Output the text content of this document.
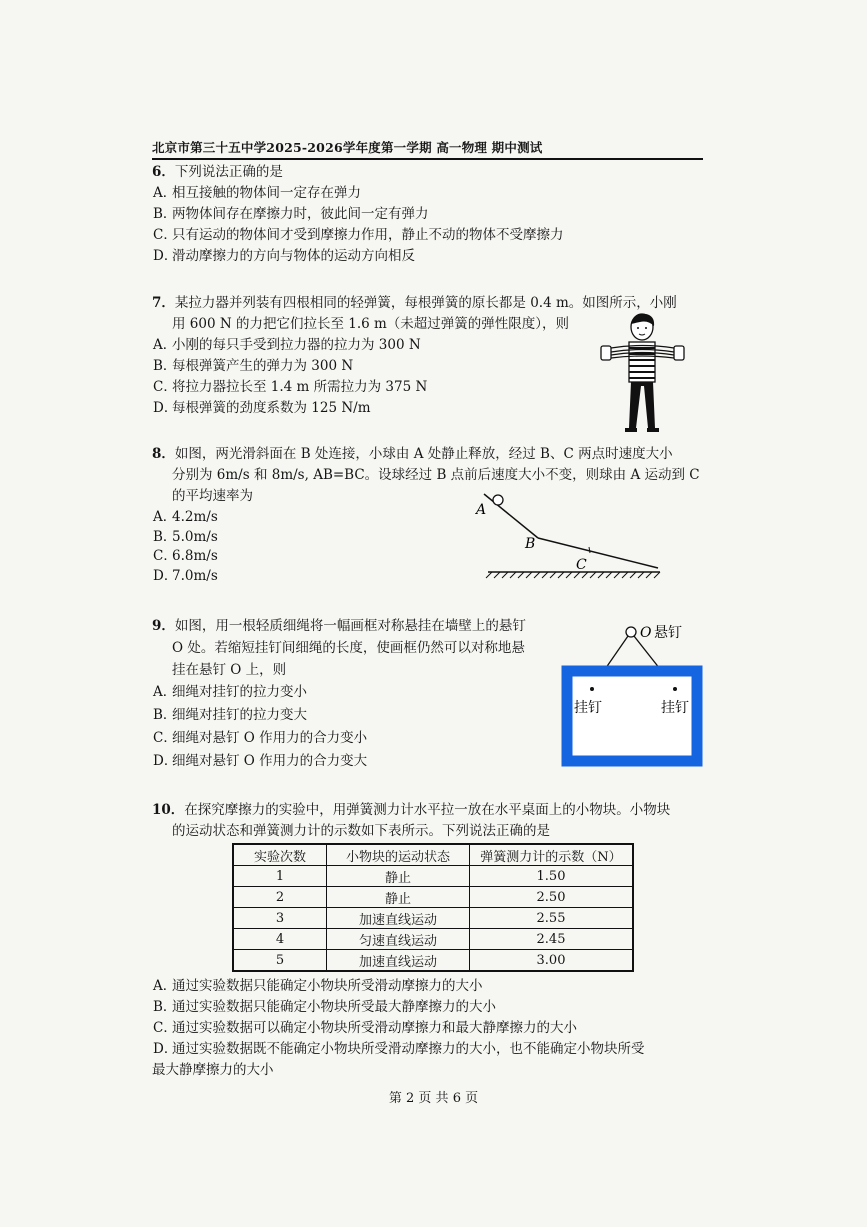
北京市第三十五中学2025-2026学年度第一学期 高一物理 期中测试
6．下列说法正确的是
A．
相互接触的物体间一定存在弹力
B．
两物体间存在摩擦力时，彼此间一定有弹力
C．
只有运动的物体间才受到摩擦力作用，静止不动的物体不受摩擦力
D．
滑动摩擦力的方向与物体的运动方向相反
7．某拉力器并列装有四根相同的轻弹簧，每根弹簧的原长都是 0.4 m。如图所示，小刚
用 600 N 的力把它们拉长至 1.6 m（未超过弹簧的弹性限度），则
A．
小刚的每只手受到拉力器的拉力为 300 N
B．
每根弹簧产生的弹力为 300 N
C．
将拉力器拉长至 1.4 m 所需拉力为 375 N
D．
每根弹簧的劲度系数为 125 N/m
8．如图，两光滑斜面在 B 处连接，小球由 A 处静止释放，经过 B、C 两点时速度大小
分别为 6m/s 和 8m/s, AB=BC。设球经过 B 点前后速度大小不变，则球由 A 运动到 C
的平均速率为
A．
4.2m/s
B．
5.0m/s
C．
6.8m/s
D．
7.0m/s
A
B
C
9．如图，用一根轻质细绳将一幅画框对称悬挂在墙壁上的悬钉
O 处。若缩短挂钉间细绳的长度，使画框仍然可以对称地悬
挂在悬钉 O 上，则
A．
细绳对挂钉的拉力变小
B．
细绳对挂钉的拉力变大
C．
细绳对悬钉 O 作用力的合力变小
D．
细绳对悬钉 O 作用力的合力变大
O 悬钉
挂钉	挂钉
10．在探究摩擦力的实验中，用弹簧测力计水平拉一放在水平桌面上的小物块。小物块
的运动状态和弹簧测力计的示数如下表所示。下列说法正确的是
实验次数	小物块的运动状态	弹簧测力计的示数（N）
1	静止	1.50
2	静止	2.50
3	加速直线运动	2.55
4	匀速直线运动	2.45
5	加速直线运动	3.00
A．
通过实验数据只能确定小物块所受滑动摩擦力的大小
B．
通过实验数据只能确定小物块所受最大静摩擦力的大小
C．
通过实验数据可以确定小物块所受滑动摩擦力和最大静摩擦力的大小
D．
通过实验数据既不能确定小物块所受滑动摩擦力的大小，也不能确定小物块所受
最大静摩擦力的大小
第 2 页 共 6 页
